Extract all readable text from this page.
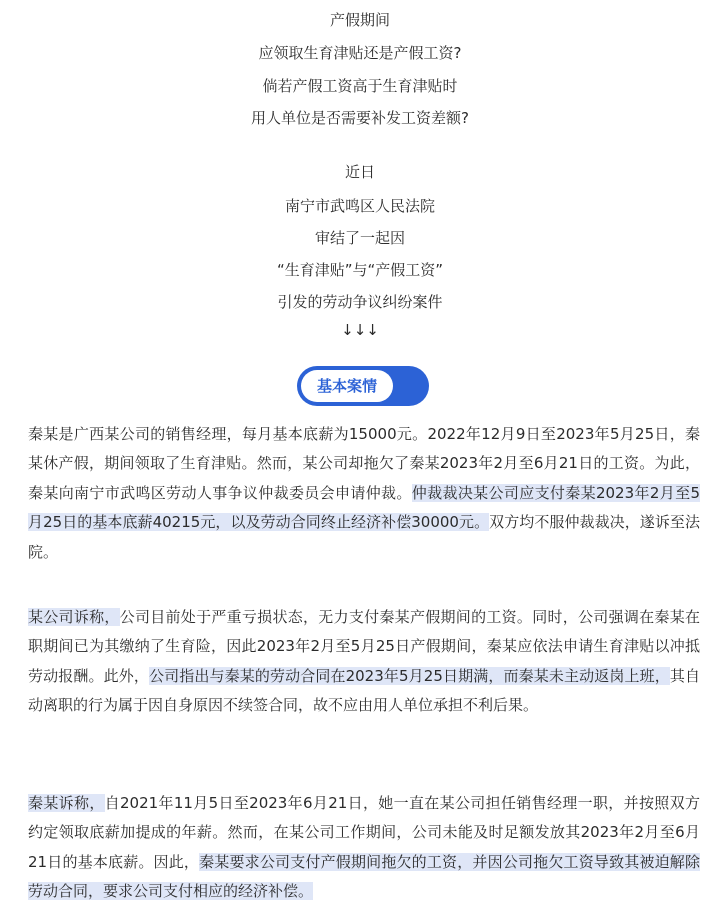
产假期间
应领取生育津贴还是产假工资?
倘若产假工资高于生育津贴时
用人单位是否需要补发工资差额?
近日
南宁市武鸣区人民法院
审结了一起因
“生育津贴”与“产假工资”
引发的劳动争议纠纷案件
↓↓↓
基本案情
秦某是广西某公司的销售经理，每月基本底薪为15000元。2022年12月9日至2023年5月25日，秦某休产假，期间领取了生育津贴。然而，某公司却拖欠了秦某2023年2月至6月21日的工资。为此，秦某向南宁市武鸣区劳动人事争议仲裁委员会申请仲裁。仲裁裁决某公司应支付秦某2023年2月至5月25日的基本底薪40215元，以及劳动合同终止经济补偿30000元。双方均不服仲裁裁决，遂诉至法院。
某公司诉称，公司目前处于严重亏损状态，无力支付秦某产假期间的工资。同时，公司强调在秦某在职期间已为其缴纳了生育险，因此2023年2月至5月25日产假期间，秦某应依法申请生育津贴以冲抵劳动报酬。此外，公司指出与秦某的劳动合同在2023年5月25日期满，而秦某未主动返岗上班，其自动离职的行为属于因自身原因不续签合同，故不应由用人单位承担不利后果。
秦某诉称，自2021年11月5日至2023年6月21日，她一直在某公司担任销售经理一职，并按照双方约定领取底薪加提成的年薪。然而，在某公司工作期间，公司未能及时足额发放其2023年2月至6月21日的基本底薪。因此，秦某要求公司支付产假期间拖欠的工资，并因公司拖欠工资导致其被迫解除劳动合同，要求公司支付相应的经济补偿。
